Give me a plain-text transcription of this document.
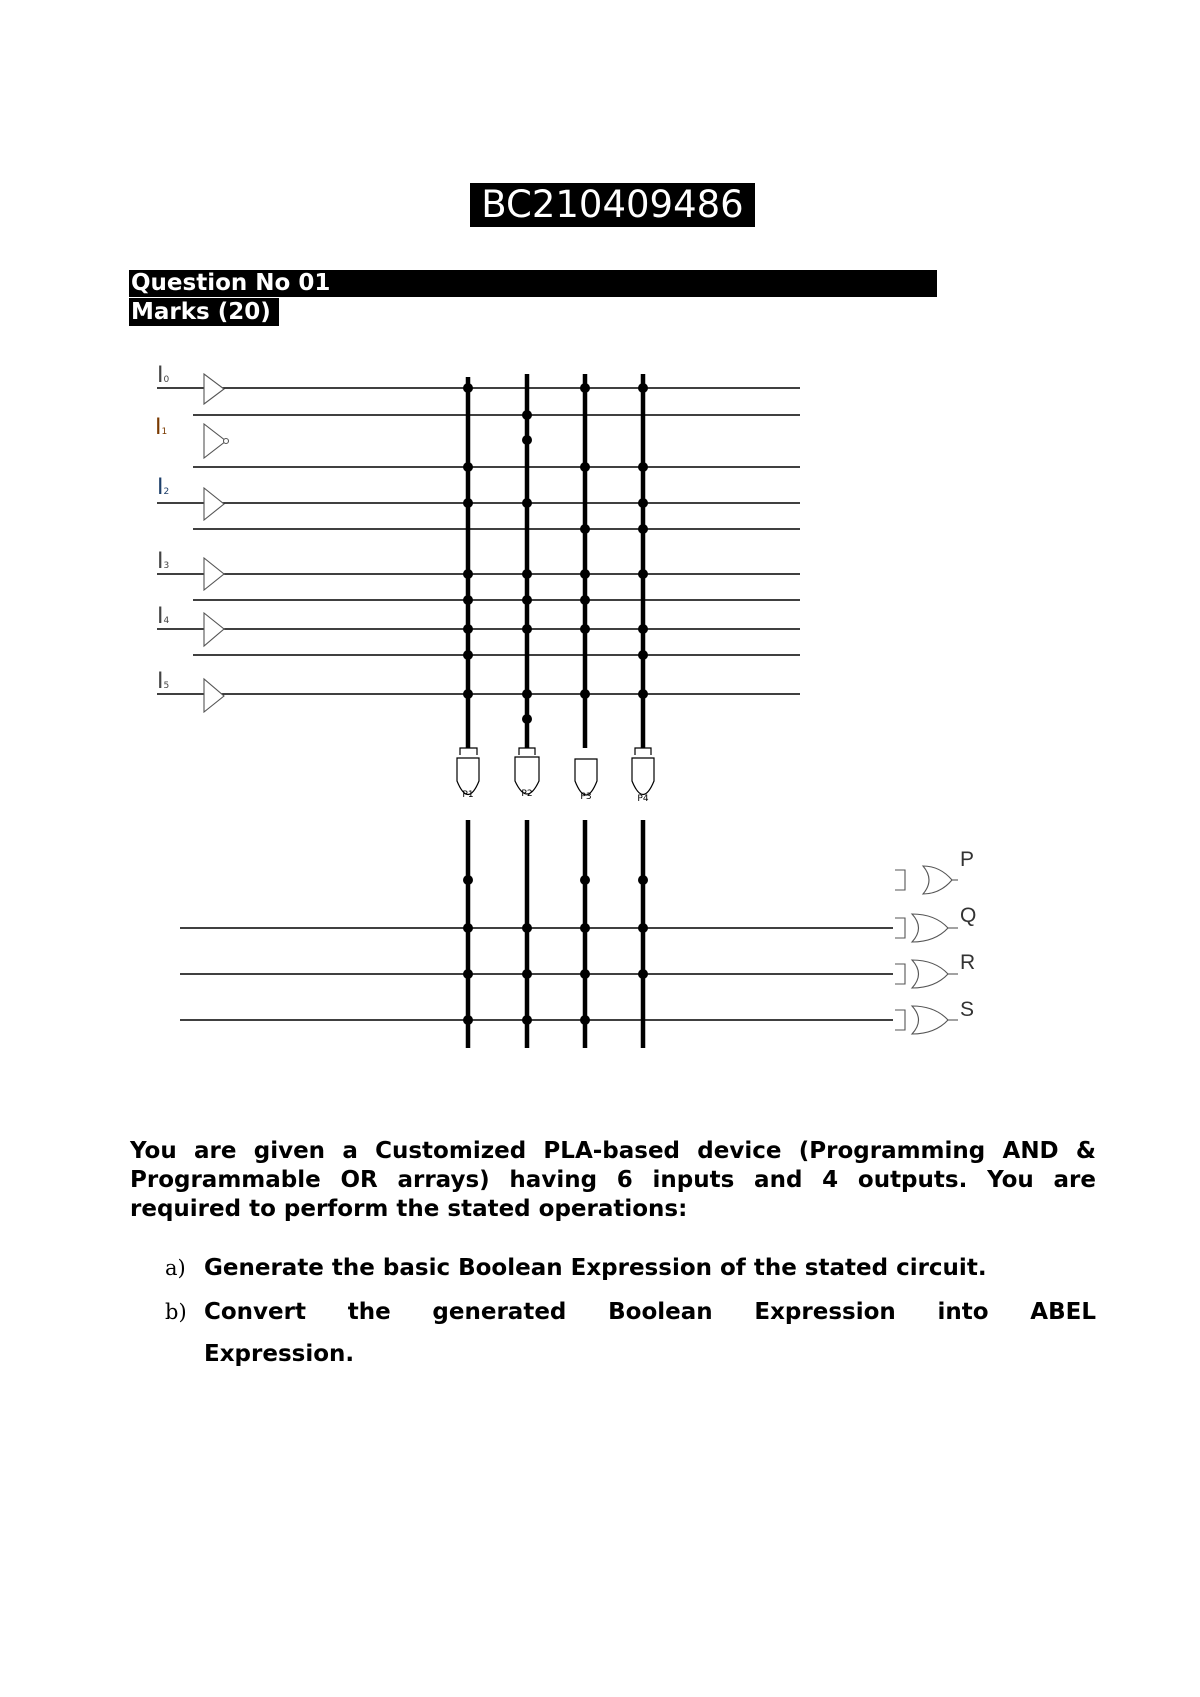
BC210409486
Question No 01
Marks (20)
I0
I1
I2
I3
I4
I5
P1	P2	P3	P4
P
Q
R
S

You are given a Customized PLA-based device (Programming AND & Programmable OR arrays) having 6 inputs and 4 outputs. You are required to perform the stated operations:

a) Generate the basic Boolean Expression of the stated circuit.
b) Convert the generated Boolean Expression into ABEL
Expression.
